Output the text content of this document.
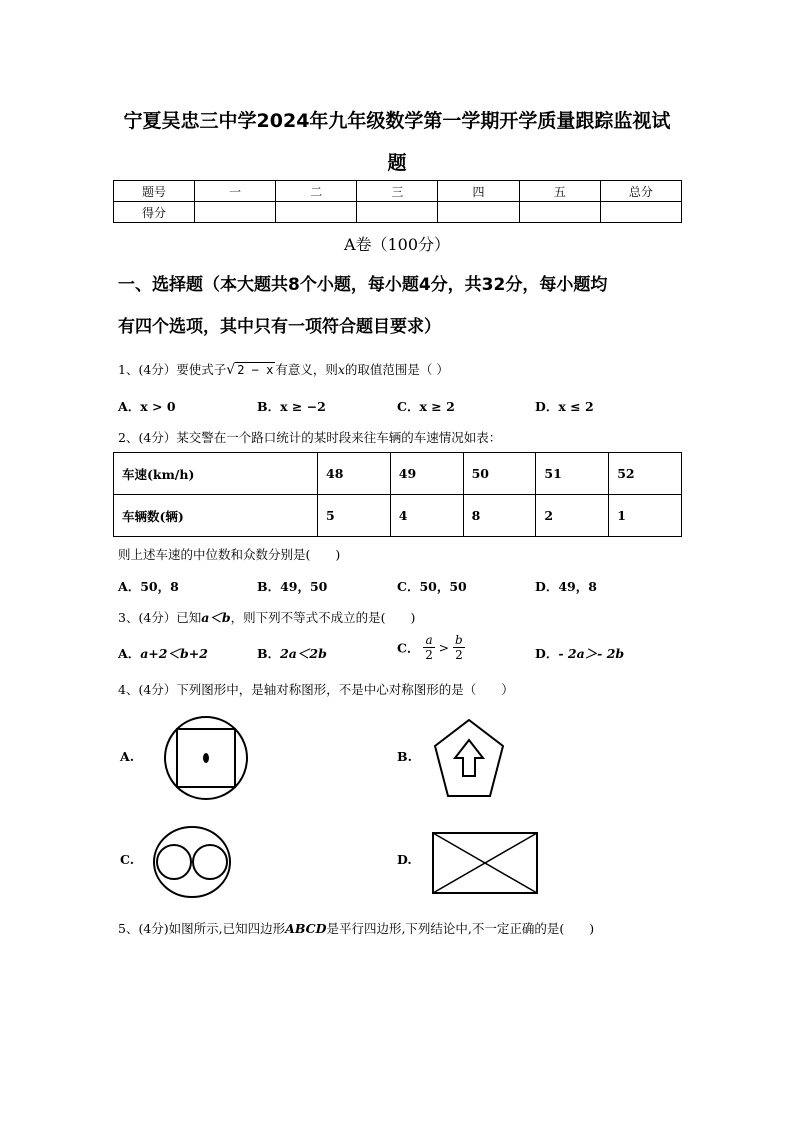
宁夏吴忠三中学2024年九年级数学第一学期开学质量跟踪监视试
题
题号	一	二	三	四	五	总分
得分						
A卷（100分）
一、选择题（本大题共8个小题，每小题4分，共32分，每小题均
有四个选项，其中只有一项符合题目要求）
1、(4分）要使式子√ 2 − x 有意义，则x的取值范围是（ ）
A．x > 0	B．x ≥ −2	C．x ≥ 2	D．x ≤ 2
2、(4分）某交警在一个路口统计的某时段来往车辆的车速情况如表：
车速(km/h)	48	49	50	51	52
车辆数(辆)	5	4	8	2	1
则上述车速的中位数和众数分别是(　　)
A．50，8	B．49，50	C．50，50	D．49，8
3、(4分）已知a＜b，则下列不等式不成立的是(　　)
A．a+2＜b+2	B．2a＜2b	C． $\frac{a}{2} > \frac{b}{2}$	D．- 2a＞- 2b
4、(4分）下列图形中，是轴对称图形，不是中心对称图形的是（　　）
A.	B.
C.	D.
5、(4分)如图所示,已知四边形ABCD是平行四边形,下列结论中,不一定正确的是(　　)
